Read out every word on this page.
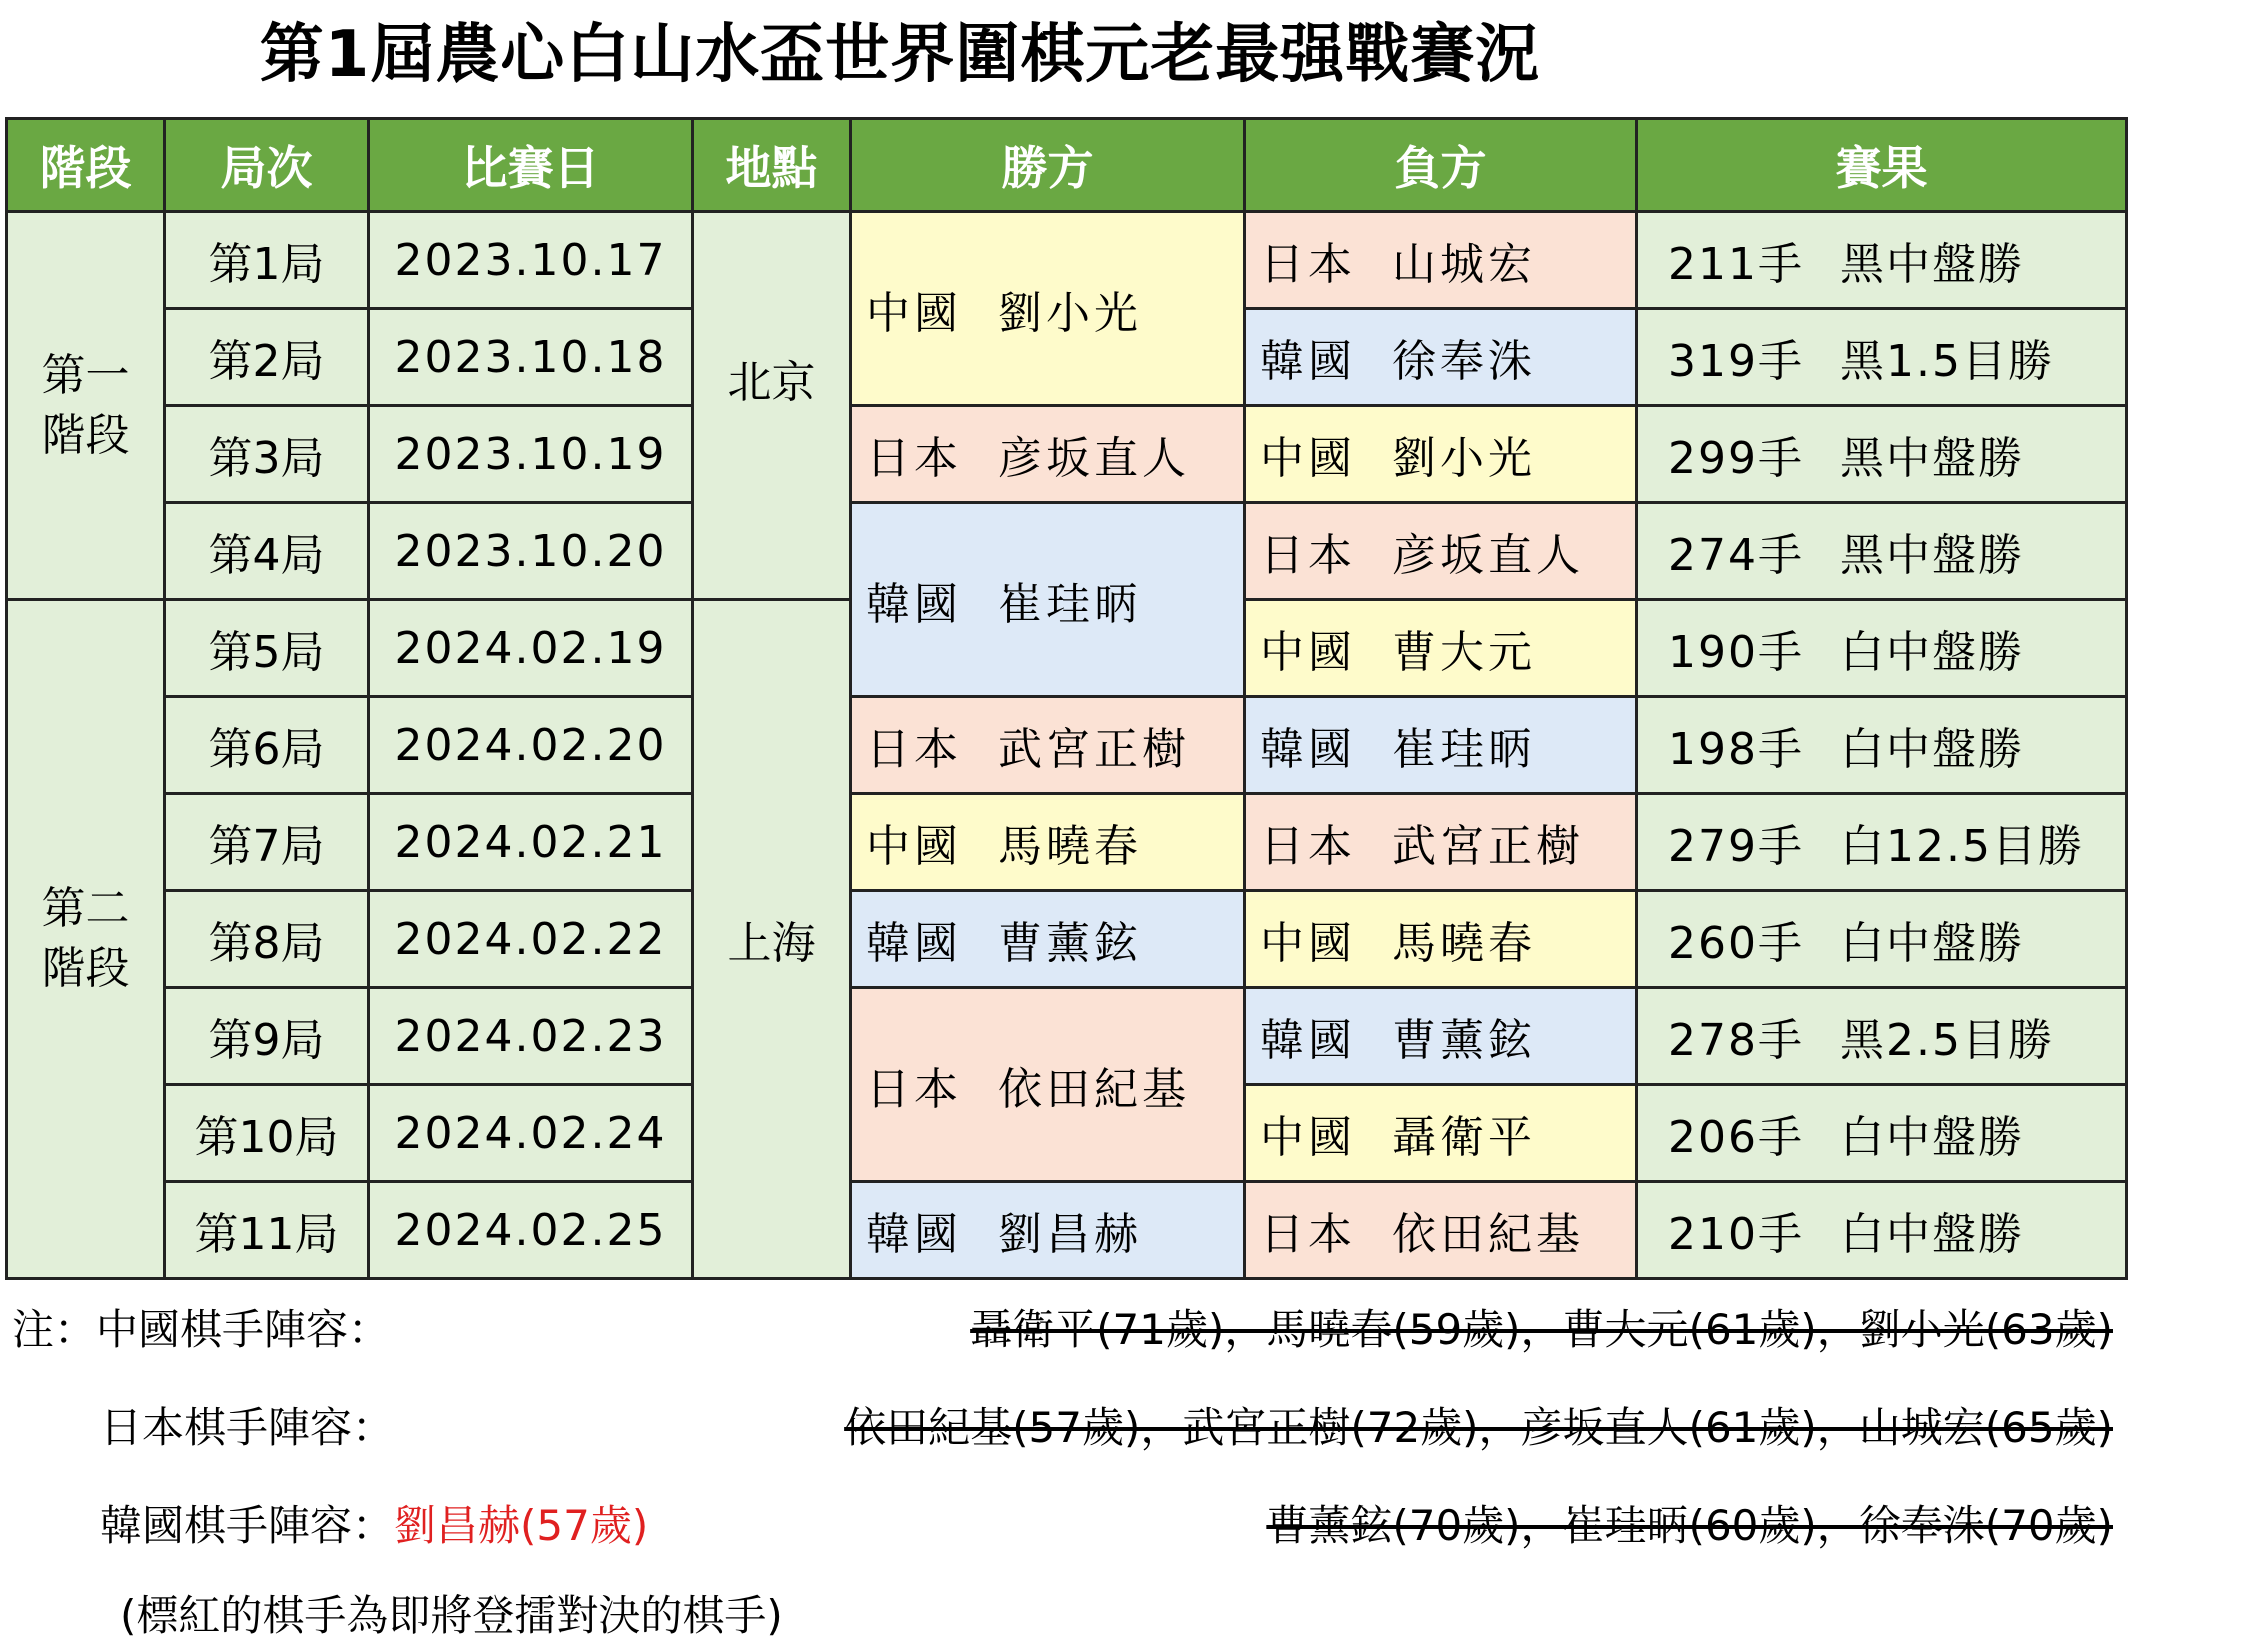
第1屆農心白山水盃世界圍棋元老最强戰賽況
階段	局次	比賽日	地點	勝方	負方	賽果
第一
階段	第1局	2023.10.17		中國 劉小光	日本 山城宏	211手 黑中盤勝
	第2局	2023.10.18			韓國 徐奉洙	319手 黑1.5目勝
	第3局	2023.10.19	北京	日本 彦坂直人	中國 劉小光	299手 黑中盤勝
	第4局	2023.10.20		韓國 崔珪昞	日本 彦坂直人	274手 黑中盤勝
第二
階段	第5局	2024.02.19	上海		中國 曹大元	190手 白中盤勝
	第6局	2024.02.20		日本 武宮正樹	韓國 崔珪昞	198手 白中盤勝
	第7局	2024.02.21		中國 馬曉春	日本 武宮正樹	279手 白12.5目勝
	第8局	2024.02.22		韓國 曹薰鉉	中國 馬曉春	260手 白中盤勝
	第9局	2024.02.23		日本 依田紀基	韓國 曹薰鉉	278手 黑2.5目勝
	第10局	2024.02.24			中國 聶衛平	206手 白中盤勝
	第11局	2024.02.25		韓國 劉昌赫	日本 依田紀基	210手 白中盤勝
注：中國棋手陣容：	聶衛平(71歲)，馬曉春(59歲)，曹大元(61歲)，劉小光(63歲)
日本棋手陣容：	依田紀基(57歲)，武宮正樹(72歲)，彦坂直人(61歲)，山城宏(65歲)
韓國棋手陣容：劉昌赫(57歲)	曹薰鉉(70歲)，崔珪昞(60歲)，徐奉洙(70歲)
(標紅的棋手為即將登擂對決的棋手)
